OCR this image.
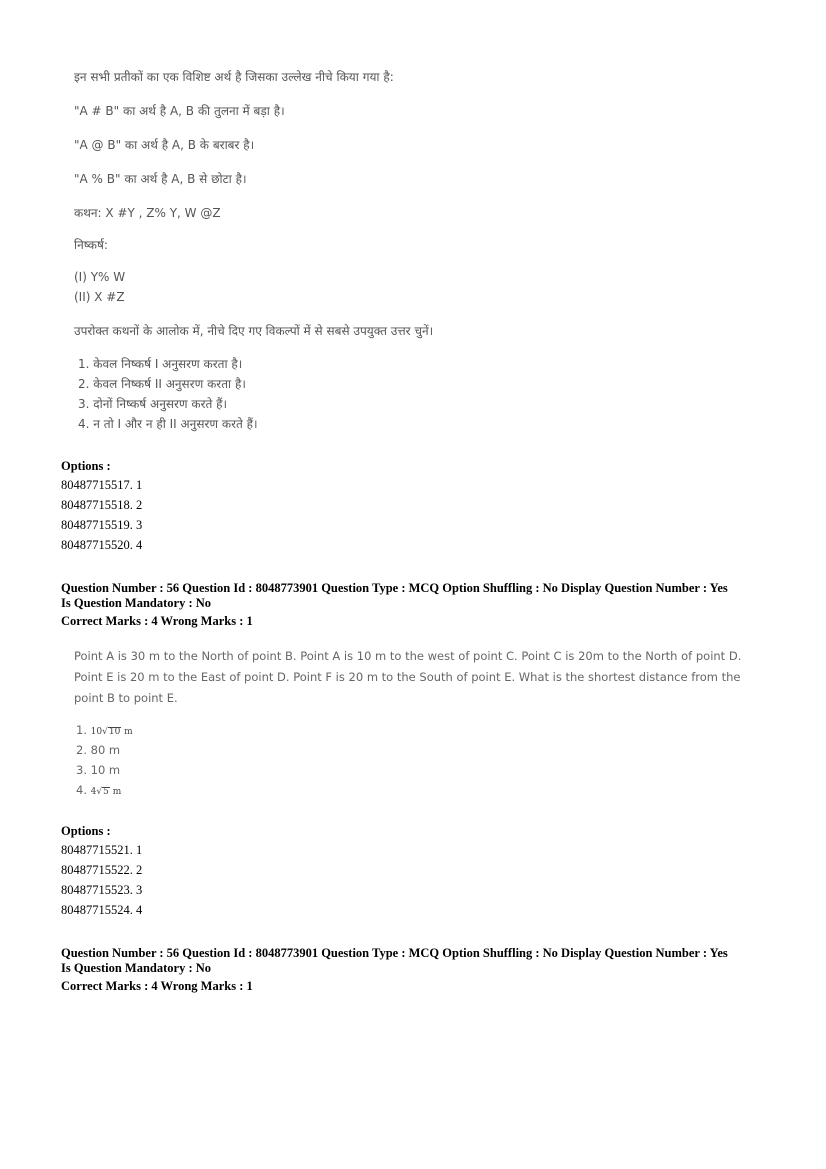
इन सभी प्रतीकों का एक विशिष्ट अर्थ है जिसका उल्लेख नीचे किया गया है:
"A # B" का अर्थ है A, B की तुलना में बड़ा है।
"A @ B" का अर्थ है A, B के बराबर है।
"A % B" का अर्थ है A, B से छोटा है।
कथन: X #Y , Z% Y, W @Z
निष्कर्ष:
(I) Y% W
(II) X #Z
उपरोक्त कथनों के आलोक में, नीचे दिए गए विकल्पों में से सबसे उपयुक्त उत्तर चुनें।
1. केवल निष्कर्ष I अनुसरण करता है।
2. केवल निष्कर्ष II अनुसरण करता है।
3. दोनों निष्कर्ष अनुसरण करते हैं।
4. न तो I और न ही II अनुसरण करते हैं।
Options :
80487715517. 1
80487715518. 2
80487715519. 3
80487715520. 4
Question Number : 56 Question Id : 8048773901 Question Type : MCQ Option Shuffling : No Display Question Number : Yes
Is Question Mandatory : No
Correct Marks : 4 Wrong Marks : 1
Point A is 30 m to the North of point B. Point A is 10 m to the west of point C. Point C is 20m to the North of point D.
Point E is 20 m to the East of point D. Point F is 20 m to the South of point E. What is the shortest distance from the
point B to point E.
1. 10√10 m
2. 80 m
3. 10 m
4. 4√5 m
Options :
80487715521. 1
80487715522. 2
80487715523. 3
80487715524. 4
Question Number : 56 Question Id : 8048773901 Question Type : MCQ Option Shuffling : No Display Question Number : Yes
Is Question Mandatory : No
Correct Marks : 4 Wrong Marks : 1
